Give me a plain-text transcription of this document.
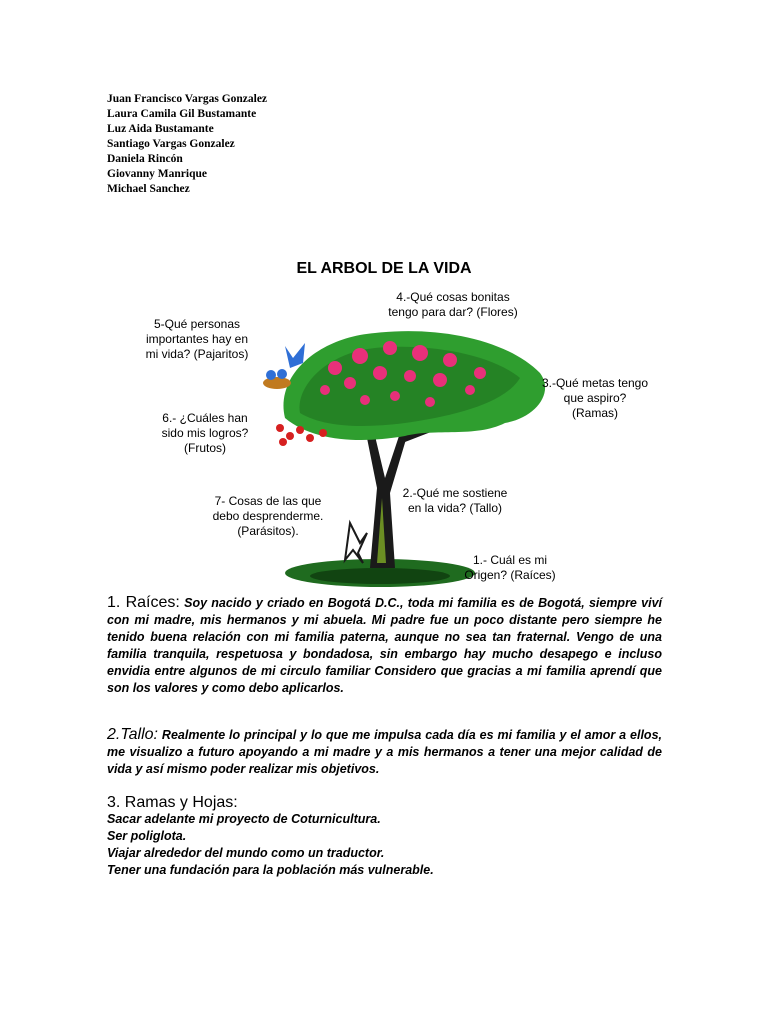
Juan Francisco Vargas Gonzalez
Laura Camila Gil Bustamante
Luz Aida Bustamante
Santiago Vargas Gonzalez
Daniela Rincón
Giovanny Manrique
Michael Sanchez
EL ARBOL DE LA VIDA
4.-Qué cosas bonitas
tengo para dar? (Flores)
5-Qué personas
importantes hay en
mi vida? (Pajaritos)
3.-Qué metas tengo
que aspiro?
(Ramas)
6.- ¿Cuáles han
sido mis logros?
(Frutos)
2.-Qué me sostiene
en la vida? (Tallo)
7- Cosas de las que
debo desprenderme.
(Parásitos).
1.- Cuál es mi
Origen? (Raíces)
1. Raíces: Soy nacido y criado en Bogotá D.C., toda mi familia es de Bogotá, siempre viví con mi madre, mis hermanos y mi abuela. Mi padre fue un poco distante pero siempre he tenido buena relación con mi familia paterna, aunque no sea tan fraternal. Vengo de una familia tranquila, respetuosa y bondadosa, sin embargo hay mucho desapego e incluso envidia entre algunos de mi circulo familiar Considero que gracias a mi familia aprendí que son los valores y como debo aplicarlos.
2.Tallo: Realmente lo principal y lo que me impulsa cada día es mi familia y el amor a ellos, me visualizo a futuro apoyando a mi madre y a mis hermanos a tener una mejor calidad de vida y así mismo poder realizar mis objetivos.
3. Ramas y Hojas:
Sacar adelante mi proyecto de Coturnicultura.
Ser poliglota.
Viajar alrededor del mundo como un traductor.
Tener una fundación para la población más vulnerable.
